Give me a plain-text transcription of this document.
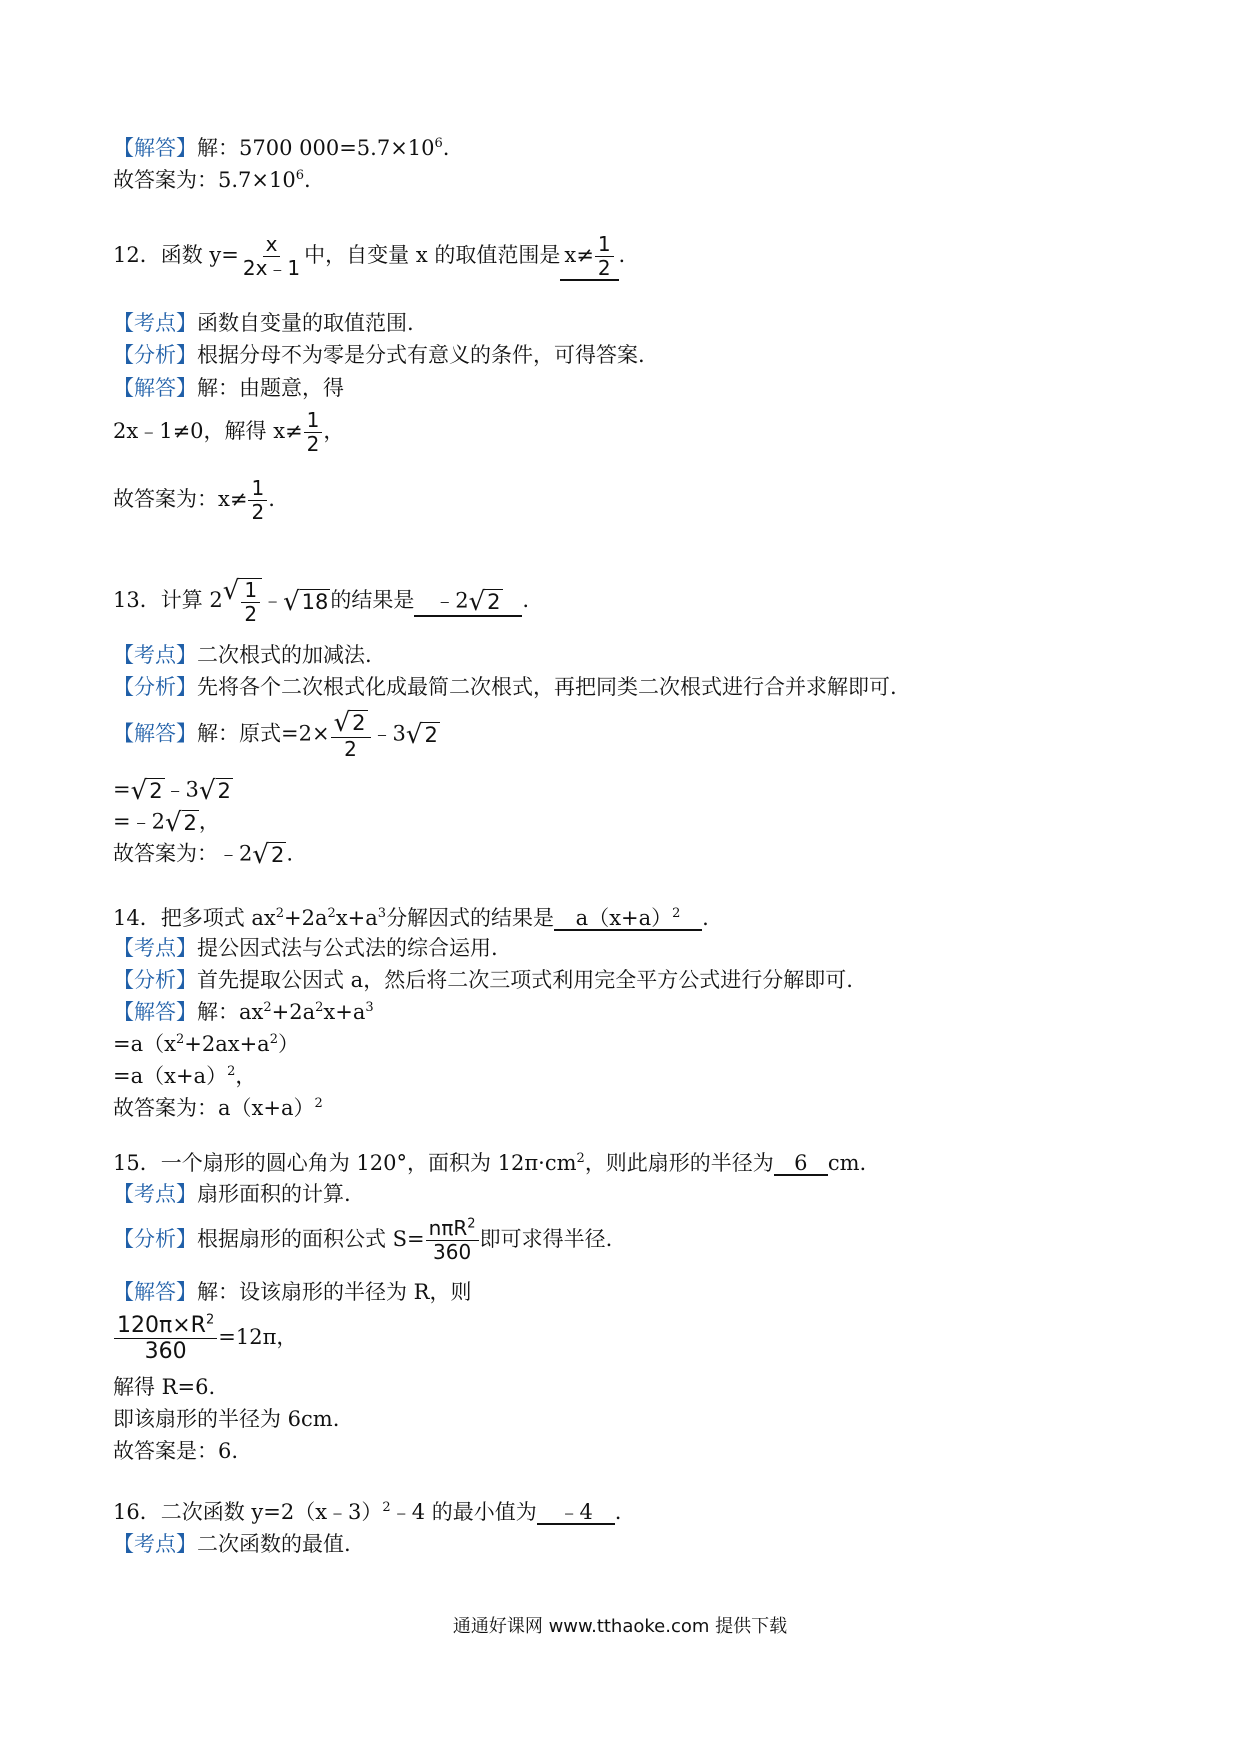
【解答】解：5700 $000=5.7\times 10^6$.
故答案为：$5.7\times 10^6$.
12．函数 $y= \frac{x}{2x﹣1}$ 中，自变量 x 的取值范围是 $x\ne \frac{1}{2}$ .
【考点】函数自变量的取值范围.
【分析】根据分母不为零是分式有意义的条件，可得答案.
【解答】解：由题意，得
2x﹣1≠0，解得 $x\ne \frac{1}{2}$ ，
故答案为：$x\ne \frac{1}{2}$ .
13．计算 2 √ $\frac{1}{2}$ ﹣ √ 18 的结果是 ﹣2 √ 2 .
【考点】二次根式的加减法.
【分析】先将各个二次根式化成最简二次根式，再把同类二次根式进行合并求解即可.
【解答】解：原式$=2\times \frac{√ 2}{2}$ ﹣3 √ 2
= √ 2 ﹣3 √ 2
=﹣2 √ 2 ，
故答案为：﹣2 √ 2 .
14．把多项式 $ax^2+2a^2x+a^3$分解因式的结果是 $a(x+a)^2$ .
【考点】提公因式法与公式法的综合运用.
【分析】首先提取公因式 a，然后将二次三项式利用完全平方公式进行分解即可.
【解答】解：$ax^2+2a^2x+a^3$
$=a(x^2+2ax+a^2)$
$=a(x+a)^2$，
故答案为：$a(x+a)^2$
15．一个扇形的圆心角为 120°，面积为 $12\pi\cdot cm^2$，则此扇形的半径为 6 cm.
【考点】扇形面积的计算.
【分析】根据扇形的面积公式 $S= \frac{n\pi R^2}{360}$ 即可求得半径.
【解答】解：设该扇形的半径为 R，则
$\frac{120\pi\times R^2}{360} =12\pi$，
解得 R=6.
即该扇形的半径为 6cm.
故答案是：6.
16．二次函数 y=2（x﹣3）$^2$﹣4 的最小值为 ﹣4 .
【考点】二次函数的最值.
通通好课网 www.tthaoke.com 提供下载
